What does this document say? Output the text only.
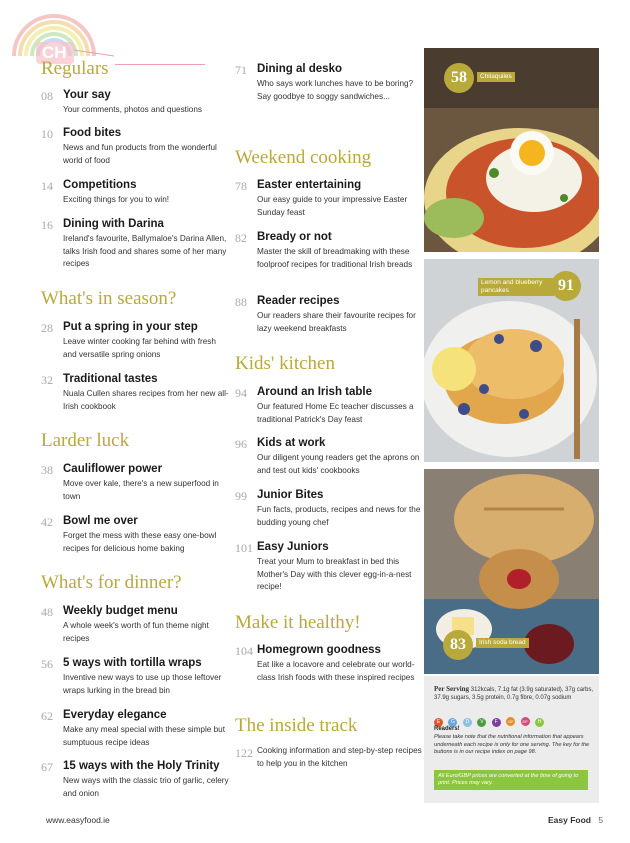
CH
Regulars
08 Your say
Your comments, photos and questions
10 Food bites
News and fun products from the wonderful world of food
14 Competitions
Exciting things for you to win!
16 Dining with Darina
Ireland's favourite, Ballymaloe's Darina Allen, talks Irish food and shares some of her many recipes
What's in season?
28 Put a spring in your step
Leave winter cooking far behind with fresh and versatile spring onions
32 Traditional tastes
Nuala Cullen shares recipes from her new all-Irish cookbook
Larder luck
38 Cauliflower power
Move over kale, there's a new superfood in town
42 Bowl me over
Forget the mess with these easy one-bowl recipes for delicious home baking
What's for dinner?
48 Weekly budget menu
A whole week's worth of fun theme night recipes
56 5 ways with tortilla wraps
Inventive new ways to use up those leftover wraps lurking in the bread bin
62 Everyday elegance
Make any meal special with these simple but sumptuous recipe ideas
67 15 ways with the Holy Trinity
New ways with the classic trio of garlic, celery and onion
71 Dining al desko
Who says work lunches have to be boring? Say goodbye to soggy sandwiches...
Weekend cooking
78 Easter entertaining
Our easy guide to your impressive Easter Sunday feast
82 Bready or not
Master the skill of breadmaking with these foolproof recipes for traditional Irish breads
88 Reader recipes
Our readers share their favourite recipes for lazy weekend breakfasts
Kids' kitchen
94 Around an Irish table
Our featured Home Ec teacher discusses a traditional Patrick's Day feast
96 Kids at work
Our diligent young readers get the aprons on and test out kids' cookbooks
99 Junior Bites
Fun facts, products, recipes and news for the budding young chef
101 Easy Juniors
Treat your Mum to breakfast in bed this Mother's Day with this clever egg-in-a-nest recipe!
Make it healthy!
104 Homegrown goodness
Eat like a locavore and celebrate our world-class Irish foods with these inspired recipes
The inside track
122 Cooking information and step-by-step recipes to help you in the kitchen
58	Chilaquiles
Lemon and blueberry pancakes	91
83	Irish soda bread
Per Serving 312kcals, 7.1g fat (3.9g saturated), 37g carbs, 37.9g sugars, 3.5g protein, 0.7g fibre, 0.07g sodium
E G D V F	GF DF H
Readers!
Please take note that the nutritional information that appears underneath each recipe is only for one serving. The key for the buttons is in our recipe index on page 98.
All Euro/GBP prices are converted at the time of going to print. Prices may vary.
www.easyfood.ie	Easy Food 5
